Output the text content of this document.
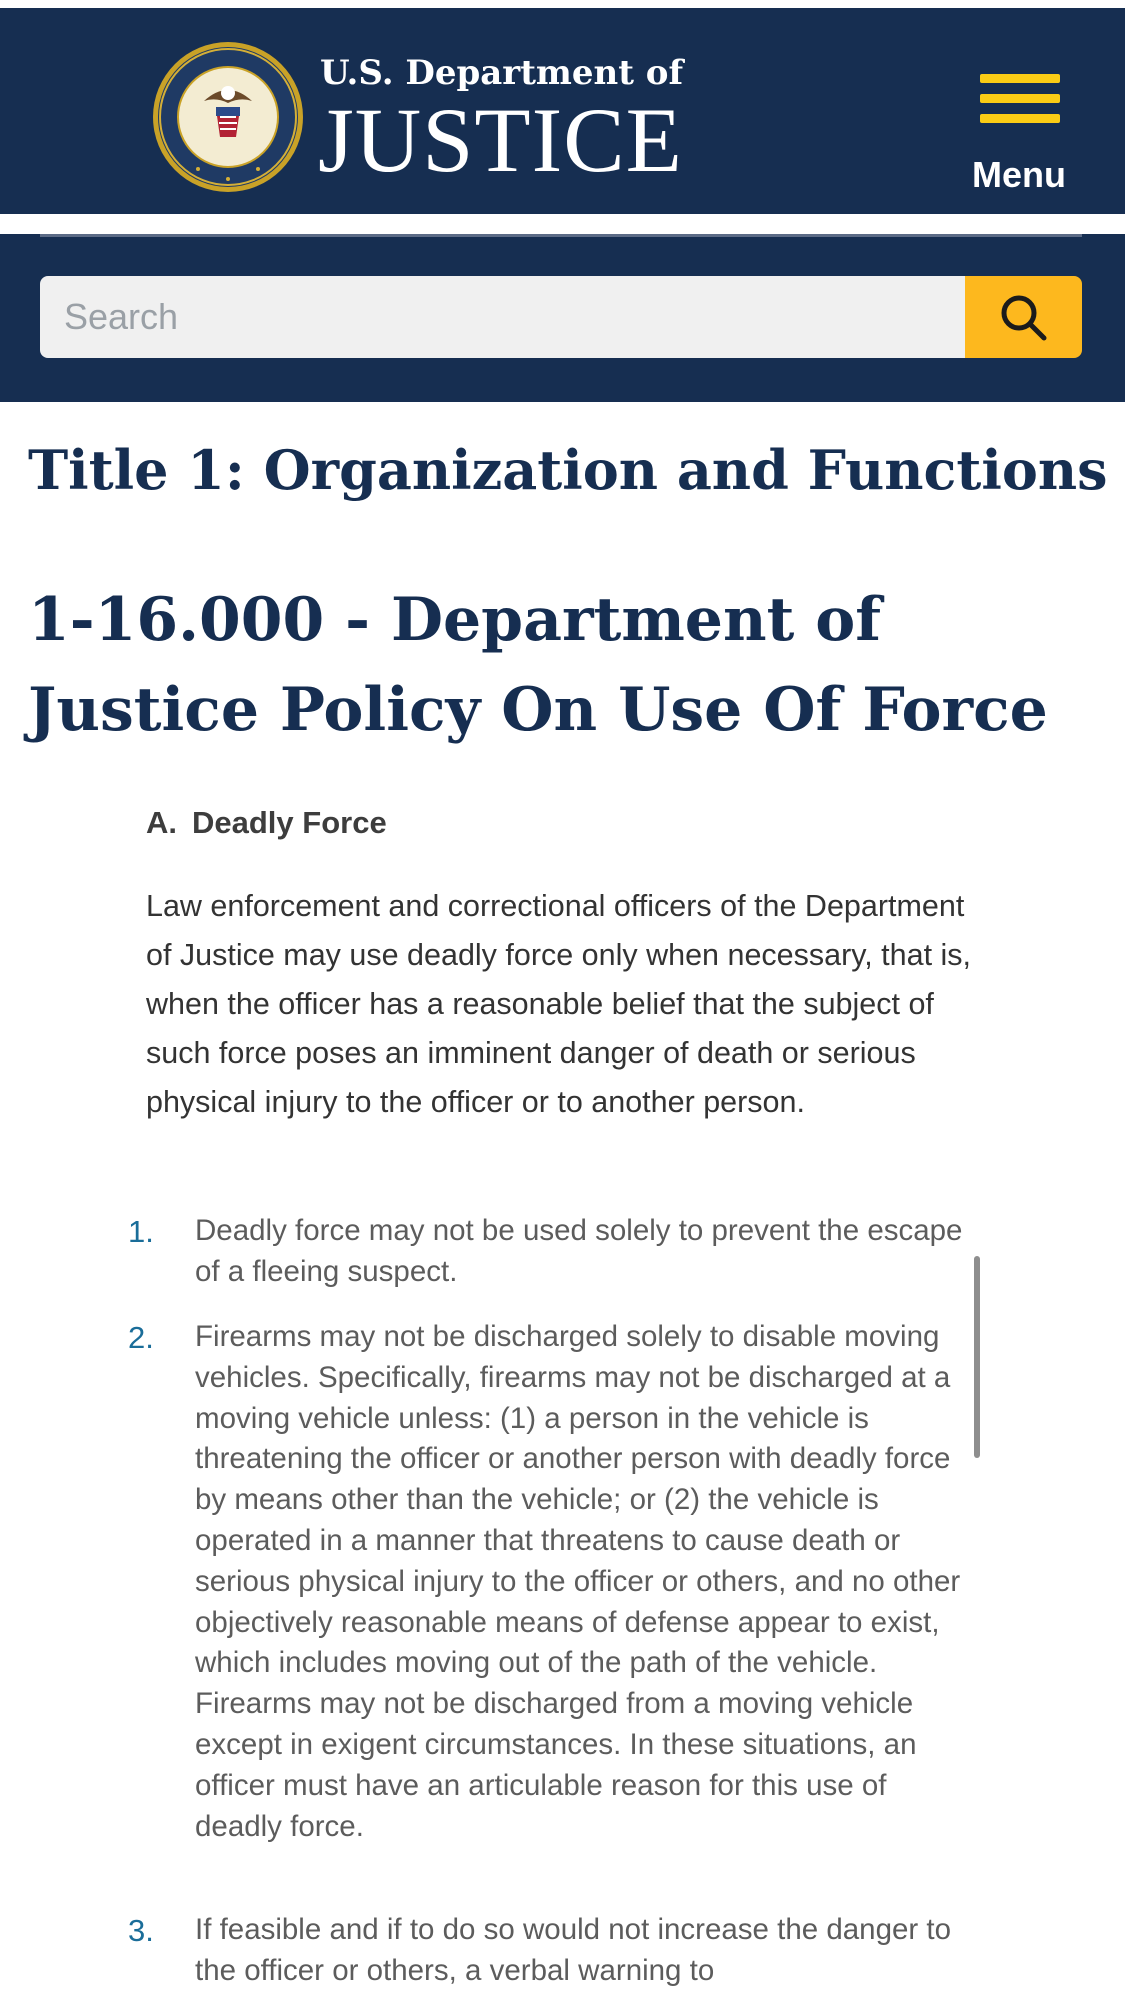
U.S. Department of
JUSTICE	Menu
Search
Title 1: Organization and Functions
1-16.000 - Department of Justice Policy On Use Of Force
A. Deadly Force

Law enforcement and correctional officers of the Department of Justice may use deadly force only when necessary, that is, when the officer has a reasonable belief that the subject of such force poses an imminent danger of death or serious physical injury to the officer or to another person.

1. Deadly force may not be used solely to prevent the escape of a fleeing suspect.

2. Firearms may not be discharged solely to disable moving vehicles. Specifically, firearms may not be discharged at a moving vehicle unless: (1) a person in the vehicle is threatening the officer or another person with deadly force by means other than the vehicle; or (2) the vehicle is operated in a manner that threatens to cause death or serious physical injury to the officer or others, and no other objectively reasonable means of defense appear to exist, which includes moving out of the path of the vehicle. Firearms may not be discharged from a moving vehicle except in exigent circumstances. In these situations, an officer must have an articulable reason for this use of deadly force.

3. If feasible and if to do so would not increase the danger to the officer or others, a verbal warning to
